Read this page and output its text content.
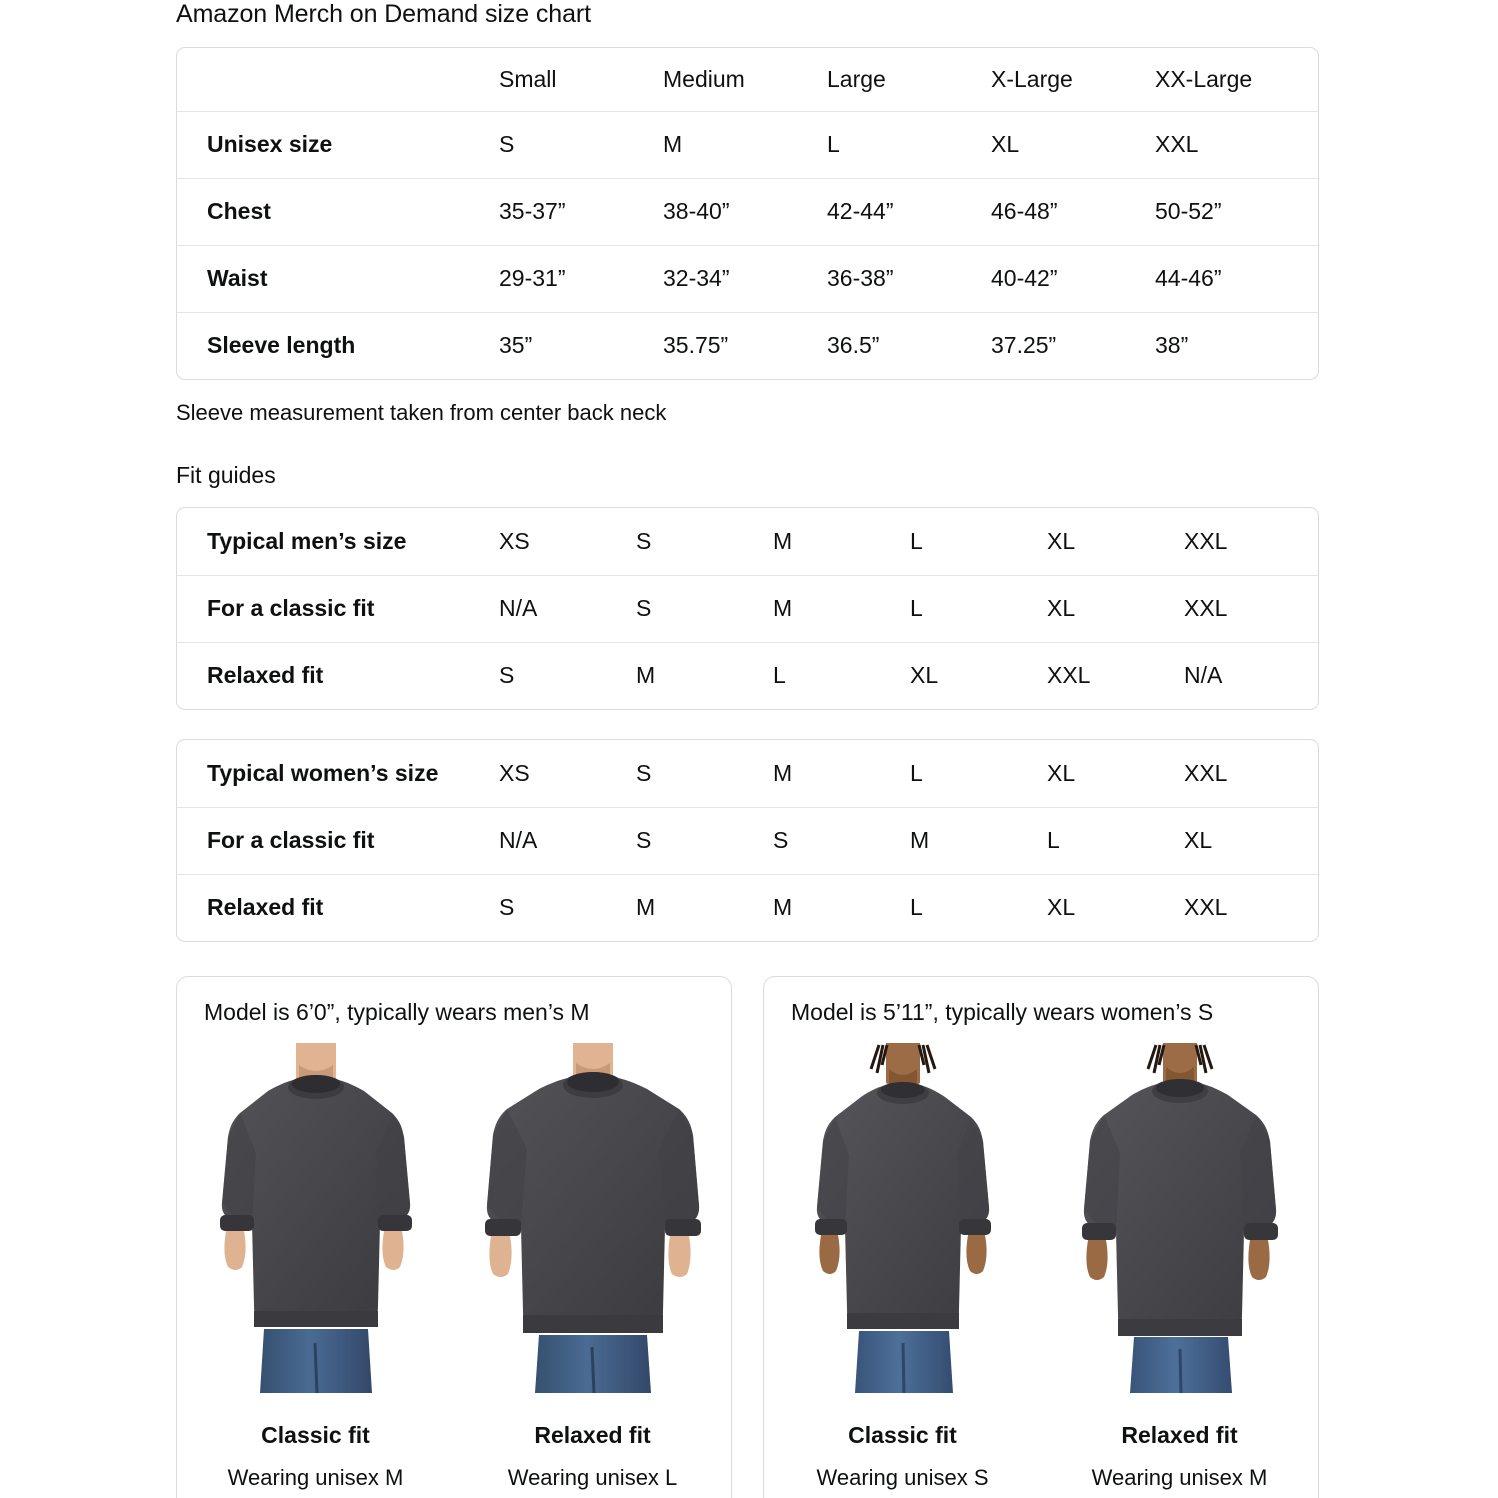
Amazon Merch on Demand size chart
	Small	Medium	Large	X-Large	XX-Large
Unisex size	S	M	L	XL	XXL
Chest	35-37”	38-40”	42-44”	46-48”	50-52”
Waist	29-31”	32-34”	36-38”	40-42”	44-46”
Sleeve length	35”	35.75”	36.5”	37.25”	38”
Sleeve measurement taken from center back neck
Fit guides
Typical men’s size	XS	S	M	L	XL	XXL
For a classic fit	N/A	S	M	L	XL	XXL
Relaxed fit	S	M	L	XL	XXL	N/A
Typical women’s size	XS	S	M	L	XL	XXL
For a classic fit	N/A	S	S	M	L	XL
Relaxed fit	S	M	M	L	XL	XXL
Model is 6’0”, typically wears men’s M
Classic fit
Wearing unisex M
Relaxed fit
Wearing unisex L
Model is 5’11”, typically wears women’s S
Classic fit
Wearing unisex S
Relaxed fit
Wearing unisex M
